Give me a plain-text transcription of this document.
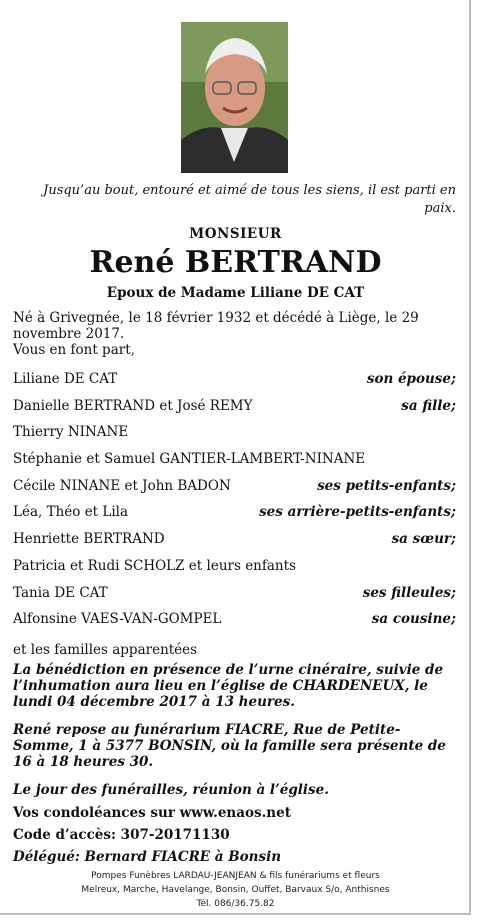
Jusqu’au bout, entouré et aimé de tous les siens, il est parti en paix.
MONSIEUR
René BERTRAND
Epoux de Madame Liliane DE CAT
Né à Grivegnée, le 18 février 1932 et décédé à Liège, le 29 novembre 2017.
Vous en font part,
Liliane DE CAT	son épouse;
Danielle BERTRAND et José REMY	sa fille;
Thierry NINANE
Stéphanie et Samuel GANTIER-LAMBERT-NINANE
Cécile NINANE et John BADON	ses petits-enfants;
Léa, Théo et Lila	ses arrière-petits-enfants;
Henriette BERTRAND	sa sœur;
Patricia et Rudi SCHOLZ et leurs enfants
Tania DE CAT	ses filleules;
Alfonsine VAES-VAN-GOMPEL	sa cousine;
et les familles apparentées
La bénédiction en présence de l’urne cinéraire, suivie de l’inhumation aura lieu en l’église de CHARDENEUX, le lundi 04 décembre 2017 à 13 heures.
René repose au funérarium FIACRE, Rue de Petite-Somme, 1 à 5377 BONSIN, où la famille sera présente de 16 à 18 heures 30.
Le jour des funérailles, réunion à l’église.
Vos condoléances sur www.enaos.net
Code d’accès: 307-20171130
Délégué: Bernard FIACRE à Bonsin
Pompes Funèbres LARDAU-JEANJEAN & fils funérariums et fleurs
Melreux, Marche, Havelange, Bonsin, Ouffet, Barvaux S/o, Anthisnes
Tél. 086/36.75.82
